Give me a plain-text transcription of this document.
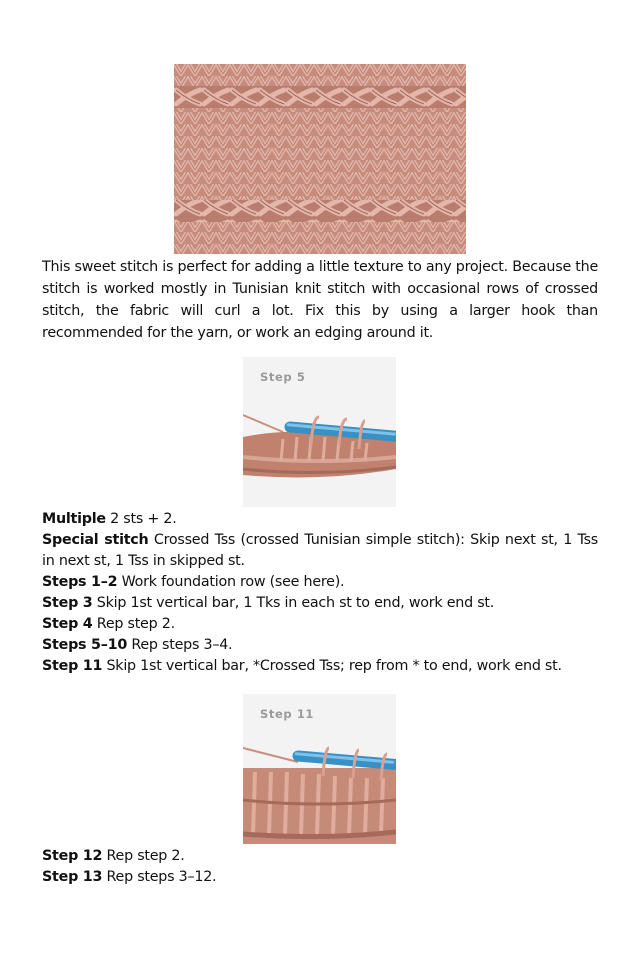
This sweet stitch is perfect for adding a little texture to any project. Because the stitch is worked mostly in Tunisian knit stitch with occasional rows of crossed stitch, the fabric will curl a lot. Fix this by using a larger hook than recommended for the yarn, or work an edging around it.
Step 5
Multiple 2 sts + 2.
Special stitch Crossed Tss (crossed Tunisian simple stitch): Skip next st, 1 Tss in next st, 1 Tss in skipped st.
Steps 1–2 Work foundation row (see here).
Step 3 Skip 1st vertical bar, 1 Tks in each st to end, work end st.
Step 4 Rep step 2.
Steps 5–10 Rep steps 3–4.
Step 11 Skip 1st vertical bar, *Crossed Tss; rep from * to end, work end st.
Step 11
Step 12 Rep step 2.
Step 13 Rep steps 3–12.
